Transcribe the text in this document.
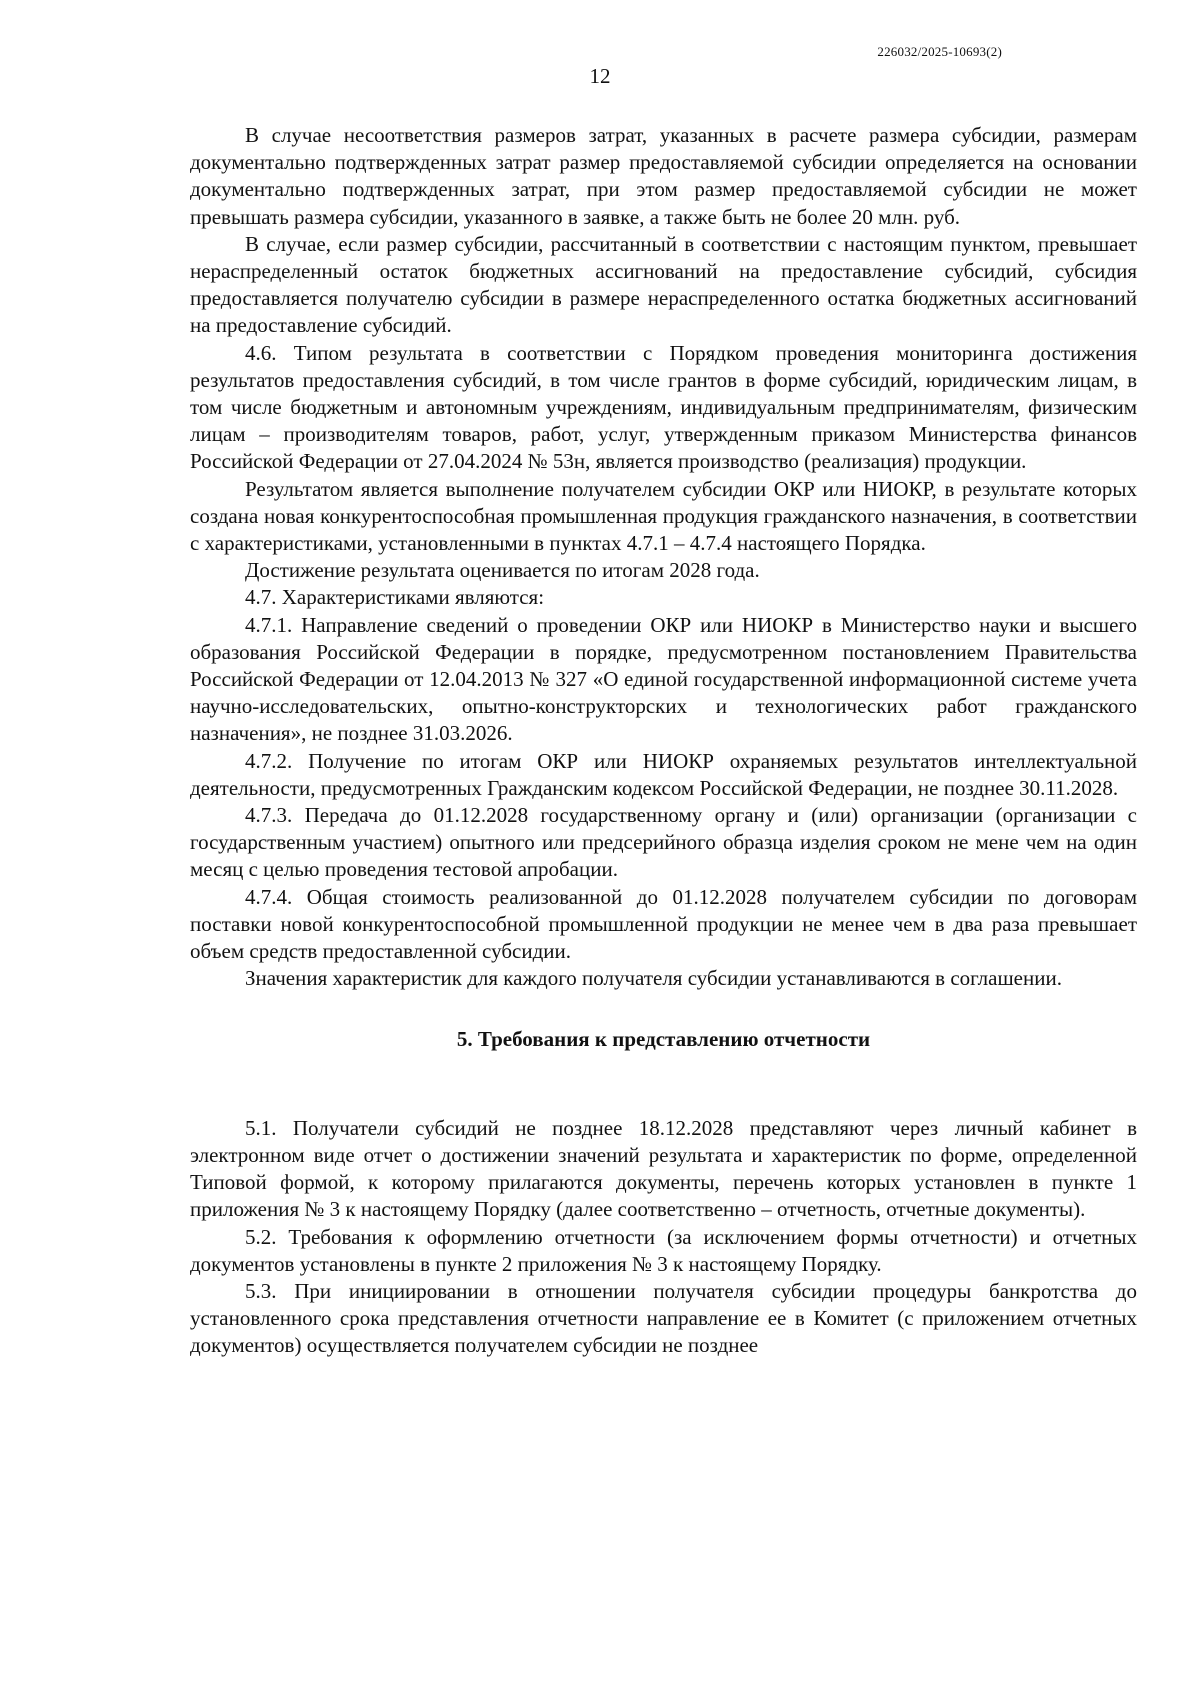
226032/2025-10693(2)
12

В случае несоответствия размеров затрат, указанных в расчете размера субсидии, размерам документально подтвержденных затрат размер предоставляемой субсидии определяется на основании документально подтвержденных затрат, при этом размер предоставляемой субсидии не может превышать размера субсидии, указанного в заявке, а также быть не более 20 млн. руб.

В случае, если размер субсидии, рассчитанный в соответствии с настоящим пунктом, превышает нераспределенный остаток бюджетных ассигнований на предоставление субсидий, субсидия предоставляется получателю субсидии в размере нераспределенного остатка бюджетных ассигнований на предоставление субсидий.

4.6. Типом результата в соответствии с Порядком проведения мониторинга достижения результатов предоставления субсидий, в том числе грантов в форме субсидий, юридическим лицам, в том числе бюджетным и автономным учреждениям, индивидуальным предпринимателям, физическим лицам – производителям товаров, работ, услуг, утвержденным приказом Министерства финансов Российской Федерации от 27.04.2024 № 53н, является производство (реализация) продукции.

Результатом является выполнение получателем субсидии ОКР или НИОКР, в результате которых создана новая конкурентоспособная промышленная продукция гражданского назначения, в соответствии с характеристиками, установленными в пунктах 4.7.1 – 4.7.4 настоящего Порядка.

Достижение результата оценивается по итогам 2028 года.

4.7. Характеристиками являются:

4.7.1. Направление сведений о проведении ОКР или НИОКР в Министерство науки и высшего образования Российской Федерации в порядке, предусмотренном постановлением Правительства Российской Федерации от 12.04.2013 № 327 «О единой государственной информационной системе учета научно-исследовательских, опытно-конструкторских и технологических работ гражданского назначения», не позднее 31.03.2026.

4.7.2. Получение по итогам ОКР или НИОКР охраняемых результатов интеллектуальной деятельности, предусмотренных Гражданским кодексом Российской Федерации, не позднее 30.11.2028.

4.7.3. Передача до 01.12.2028 государственному органу и (или) организации (организации с государственным участием) опытного или предсерийного образца изделия сроком не мене чем на один месяц с целью проведения тестовой апробации.

4.7.4. Общая стоимость реализованной до 01.12.2028 получателем субсидии по договорам поставки новой конкурентоспособной промышленной продукции не менее чем в два раза превышает объем средств предоставленной субсидии.

Значения характеристик для каждого получателя субсидии устанавливаются в соглашении.

5. Требования к представлению отчетности

5.1. Получатели субсидий не позднее 18.12.2028 представляют через личный кабинет в электронном виде отчет о достижении значений результата и характеристик по форме, определенной Типовой формой, к которому прилагаются документы, перечень которых установлен в пункте 1 приложения № 3 к настоящему Порядку (далее соответственно – отчетность, отчетные документы).

5.2. Требования к оформлению отчетности (за исключением формы отчетности) и отчетных документов установлены в пункте 2 приложения № 3 к настоящему Порядку.

5.3. При инициировании в отношении получателя субсидии процедуры банкротства до установленного срока представления отчетности направление ее в Комитет (с приложением отчетных документов) осуществляется получателем субсидии не позднее
